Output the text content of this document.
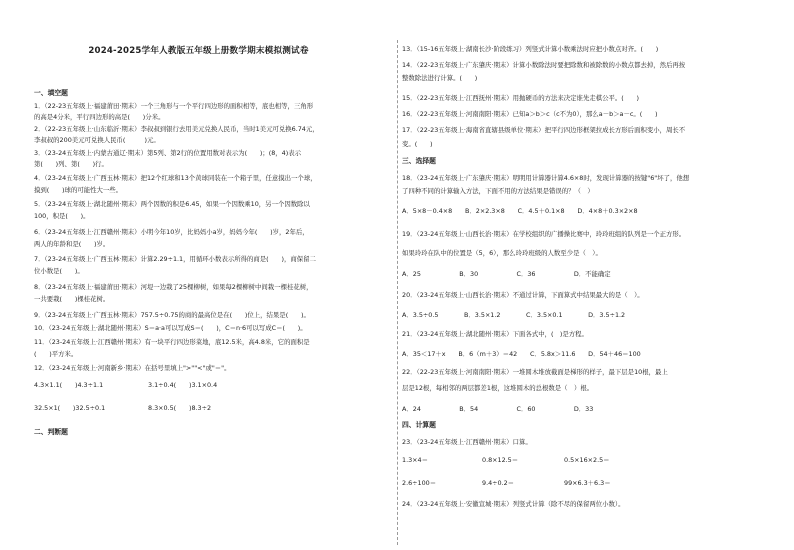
2024-2025学年人教版五年级上册数学期末模拟测试卷
一、填空题
1．（22-23五年级上·福建莆田·期末）一个三角形与一个平行四边形的面积相等，底也相等，三角形
的高是4分米，平行四边形的高是(　　)分米。
2．（22-23五年级上·山东临沂·期末）李叔叔到银行去用美元兑换人民币，当时1美元可兑换6.74元，
李叔叔的200美元可兑换人民币(　　　)元。
3．（23-24五年级上·内蒙古通辽·期末）第5列、第2行的位置用数对表示为(　　)；(8，4)表示
第(　　)列、第(　　)行。
4．（23-24五年级上·广西玉林·期末）把12个红球和13个黄球同装在一个箱子里，任意摸出一个球，
摸到(　　)球的可能性大一些。
5．（23-24五年级上·湖北随州·期末）两个因数的积是6.45，如果一个因数乘10，另一个因数除以
100，积是(　　)。
6．（23-24五年级上·江西赣州·期末）小明今年10岁，比妈妈小a岁，妈妈今年(　　)岁，2年后，
两人的年龄和是(　　)岁。
7．（23-24五年级上·广西玉林·期末）计算2.29÷1.1，用循环小数表示所得的商是(　　)，商保留二
位小数是(　　)。
8．（23-24五年级上·福建莆田·期末）河堤一边栽了25棵柳树，如果每2棵柳树中间栽一棵桂花树，
一共要栽(　　)棵桂花树。
9．（23-24五年级上·广西玉林·期末）757.5÷0.75的商的最高位是在(　　)位上，结果是(　　)。
10．（23-24五年级上·湖北随州·期末）S＝a·a可以写成S＝(　　)，C＝n·6可以写成C＝(　　)。
11．（23-24五年级上·江西赣州·期末）有一块平行四边形菜地，底12.5米，高4.8米，它的面积是
(　　)平方米。
12．（23-24五年级上·河南新乡·期末）在括号里填上">""<"或"＝"。
4.3×1.1(　　)4.3÷1.1	3.1÷0.4(　　)3.1×0.4
32.5×1(　　)32.5÷0.1	8.3×0.5(　　)8.3÷2
二、判断题
13．（15-16五年级上·湖南长沙·阶段练习）列竖式计算小数乘法时应把小数点对齐。(　　)
14．（22-23五年级上·广东肇庆·期末）计算小数除法时要把除数和被除数的小数点都去掉，然后再按
整数除法进行计算。(　　)
15．（22-23五年级上·江西抚州·期末）用抛硬币的方法来决定谁先走棋公平。(　　)
16．（22-23五年级上·河南南阳·期末）已知a＞b＞c（c不为0），那么a－b＞a－c。(　　)
17．（22-23五年级上·海南省直辖县级单位·期末）把平行四边形框架拉成长方形后面积变小，周长不
变。(　　)
三、选择题
18．（23-24五年级上·广东肇庆·期末）明明用计算器计算4.6×8时，发现计算器的按键"6"坏了，他想
了四种不同的计算输入方法，下面不用的方法结果是错误的？（　）
A．5×8－0.4×8　　B．2×2.3×8　　C．4.5＋0.1×8　　D．4×8＋0.3×2×8
19．（23-24五年级上·山西长治·期末）在学校组织的广播操比赛中，玲玲班组的队列是一个正方形。
如果玲玲在队中的位置是（5，6），那么玲玲班级的人数至少是（　）。
A．25　　　　　　B．30　　　　　　C．36　　　　　　D．不能确定
20．（23-24五年级上·山西长治·期末）不通过计算，下面算式中结果最大的是（　）。
A．3.5÷0.5　　　　B．3.5×1.2　　　　C．3.5×0.1　　　　D．3.5÷1.2
21．（23-24五年级上·湖北随州·期末）下面各式中，(　)是方程。
A．35＜17＋x　　B．6（m＋3）＝42　　C．5.8x＞11.6　　D．54＋46＝100
22．（22-23五年级上·河南南阳·期末）一堆圆木堆放截面是梯形的样子，最下层是10根，最上
层是12根，每相邻的两层都差1根，这堆圆木的总根数是（　）根。
A．24　　　　　　B．54　　　　　　C．60　　　　　　D．33
四、计算题
23．（23-24五年级上·江西赣州·期末）口算。
1.3×4＝	0.8×12.5＝	0.5×16×2.5＝
2.6÷100＝	9.4÷0.2＝	99×6.3＋6.3＝
24．（23-24五年级上·安徽宣城·期末）列竖式计算（除不尽的保留两位小数）。
